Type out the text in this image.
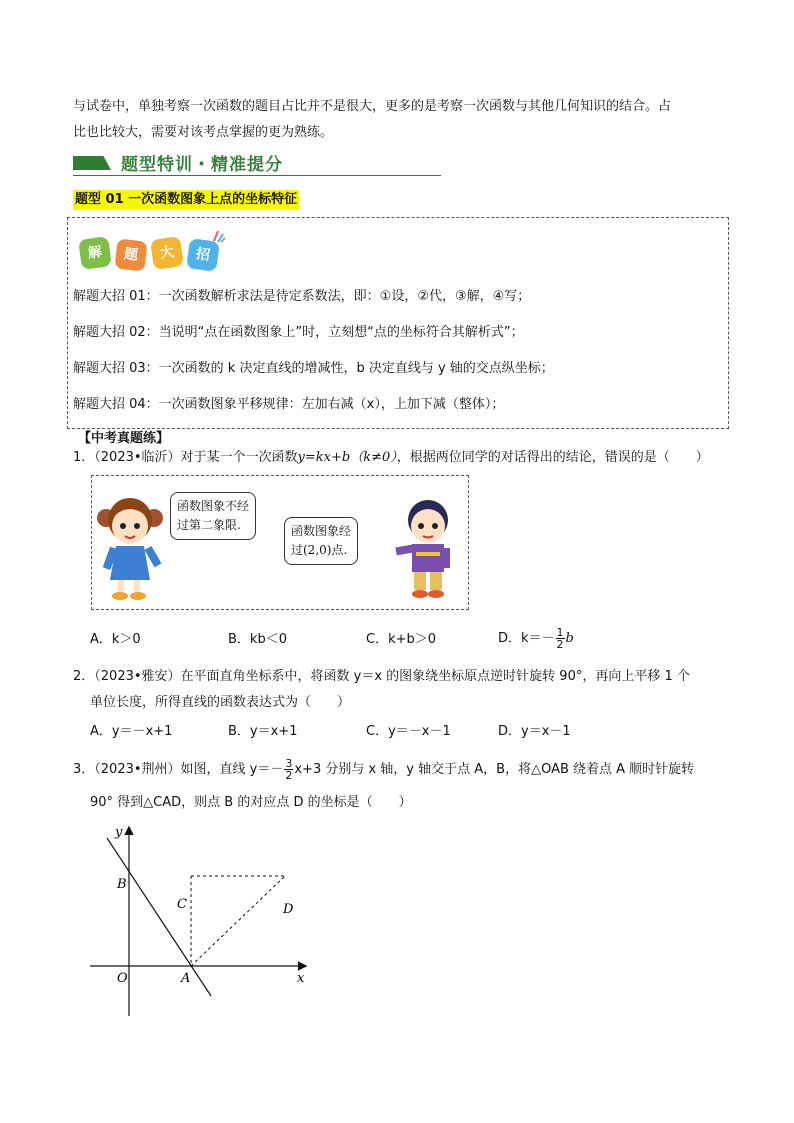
与试卷中，单独考察一次函数的题目占比并不是很大，更多的是考察一次函数与其他几何知识的结合。占
比也比较大，需要对该考点掌握的更为熟练。
题型特训・精准提分
题型 01 一次函数图象上点的坐标特征
解	题	大	招
解题大招 01：一次函数解析求法是待定系数法，即：①设，②代，③解，④写；
解题大招 02：当说明“点在函数图象上”时，立刻想“点的坐标符合其解析式”；
解题大招 03：一次函数的 k 决定直线的增减性，b 决定直线与 y 轴的交点纵坐标；
解题大招 04：一次函数图象平移规律：左加右减（x），上加下减（整体）；
【中考真题练】
1．（2023•临沂）对于某一个一次函数y=kx+b（k≠0），根据两位同学的对话得出的结论，错误的是（　　）
函数图象不经
过第二象限.	函数图象经
过(2,0)点.
A．k＞0	B．kb＜0	C．k+b＞0	D．$k=- \frac{1}{2}$ b
2．（2023•雅安）在平面直角坐标系中，将函数 y＝x 的图象绕坐标原点逆时针旋转 90°，再向上平移 1 个
单位长度，所得直线的函数表达式为（　　）
A．y＝－x+1	B．y＝x+1	C．y＝－x－1	D．y＝x－1
3．（2023•荆州）如图，直线 $y=- \frac{3}{2} x+3$ 分别与 x 轴，y 轴交于点 A，B，将△OAB 绕着点 A 顺时针旋转
90° 得到△CAD，则点 B 的对应点 D 的坐标是（　　）
y
x
O	A
B
C	D
